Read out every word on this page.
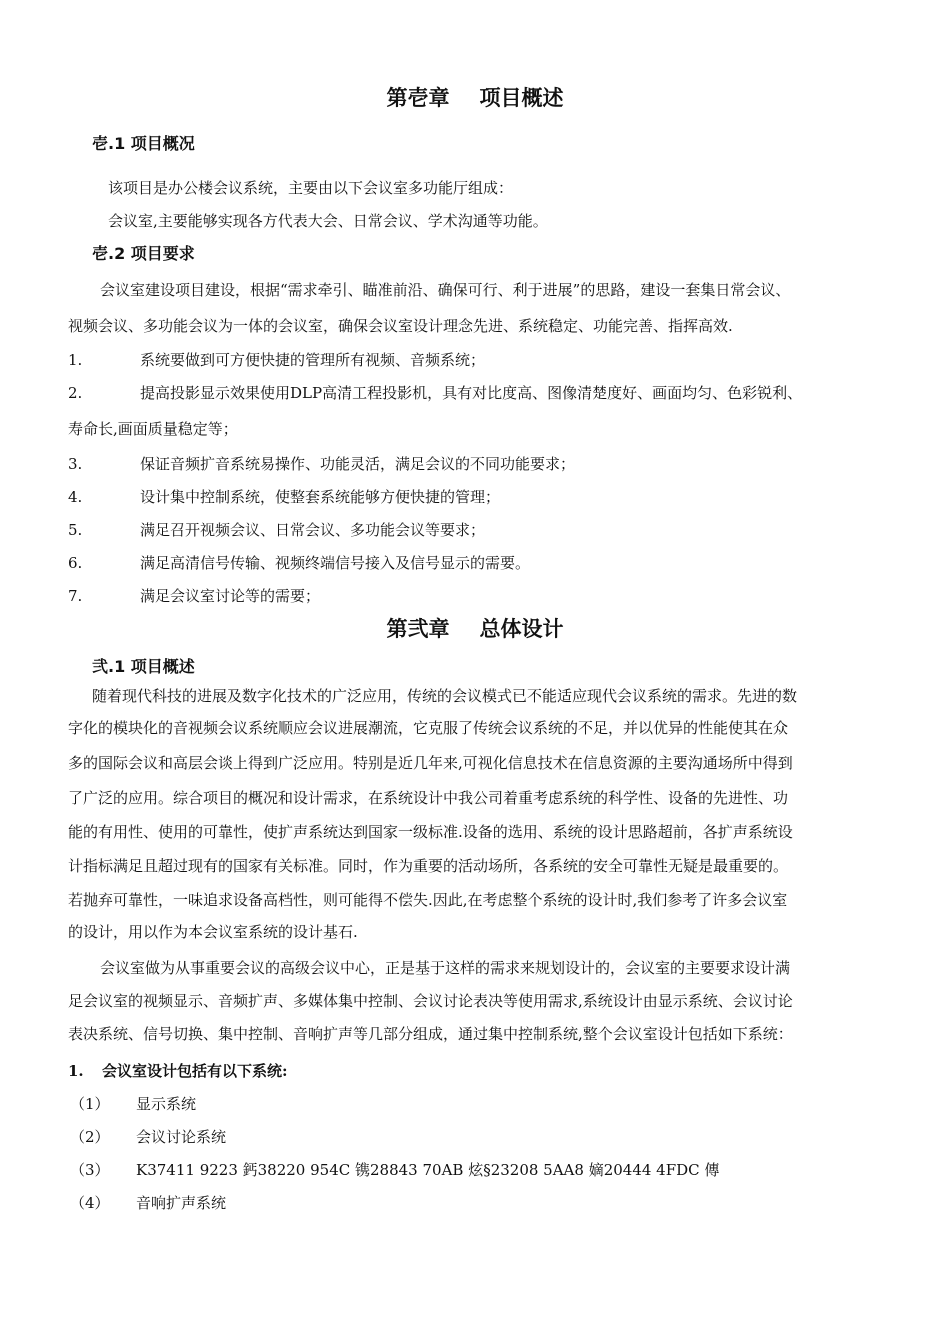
第壱章 项目概述
壱.1 项目概况
该项目是办公楼会议系统，主要由以下会议室多功能厅组成：
会议室,主要能够实现各方代表大会、日常会议、学术沟通等功能。
壱.2 项目要求
会议室建设项目建设，根据“需求牵引、瞄准前沿、确保可行、利于进展”的思路，建设一套集日常会议、
视频会议、多功能会议为一体的会议室，确保会议室设计理念先进、系统稳定、功能完善、指挥高效.
1.	系统要做到可方便快捷的管理所有视频、音频系统；
2.	提高投影显示效果使用DLP高清工程投影机，具有对比度高、图像清楚度好、画面均匀、色彩锐利、
寿命长,画面质量稳定等；
3.	保证音频扩音系统易操作、功能灵活，满足会议的不同功能要求；
4.	设计集中控制系统，使整套系统能够方便快捷的管理；
5.	满足召开视频会议、日常会议、多功能会议等要求；
6.	满足高清信号传输、视频终端信号接入及信号显示的需要。
7.	满足会议室讨论等的需要；
第弐章 总体设计
弐.1 项目概述
随着现代科技的进展及数字化技术的广泛应用，传统的会议模式已不能适应现代会议系统的需求。先进的数
字化的模块化的音视频会议系统顺应会议进展潮流，它克服了传统会议系统的不足，并以优异的性能使其在众
多的国际会议和高层会谈上得到广泛应用。特别是近几年来,可视化信息技术在信息资源的主要沟通场所中得到
了广泛的应用。综合项目的概况和设计需求，在系统设计中我公司着重考虑系统的科学性、设备的先进性、功
能的有用性、使用的可靠性，使扩声系统达到国家一级标准.设备的选用、系统的设计思路超前，各扩声系统设
计指标满足且超过现有的国家有关标准。同时，作为重要的活动场所，各系统的安全可靠性无疑是最重要的。
若抛弃可靠性，一味追求设备高档性，则可能得不偿失.因此,在考虑整个系统的设计时,我们参考了许多会议室
的设计，用以作为本会议室系统的设计基石.
会议室做为从事重要会议的高级会议中心，正是基于这样的需求来规划设计的，会议室的主要要求设计满
足会议室的视频显示、音频扩声、多媒体集中控制、会议讨论表决等使用需求,系统设计由显示系统、会议讨论
表决系统、信号切换、集中控制、音响扩声等几部分组成，通过集中控制系统,整个会议室设计包括如下系统：
1. 会议室设计包括有以下系统:
（1） 显示系统
（2） 会议讨论系统
（3） K37411 9223 鈣38220 954C 镌28843 70AB 炫§23208 5AA8 嫡20444 4FDC 傳
（4） 音响扩声系统
